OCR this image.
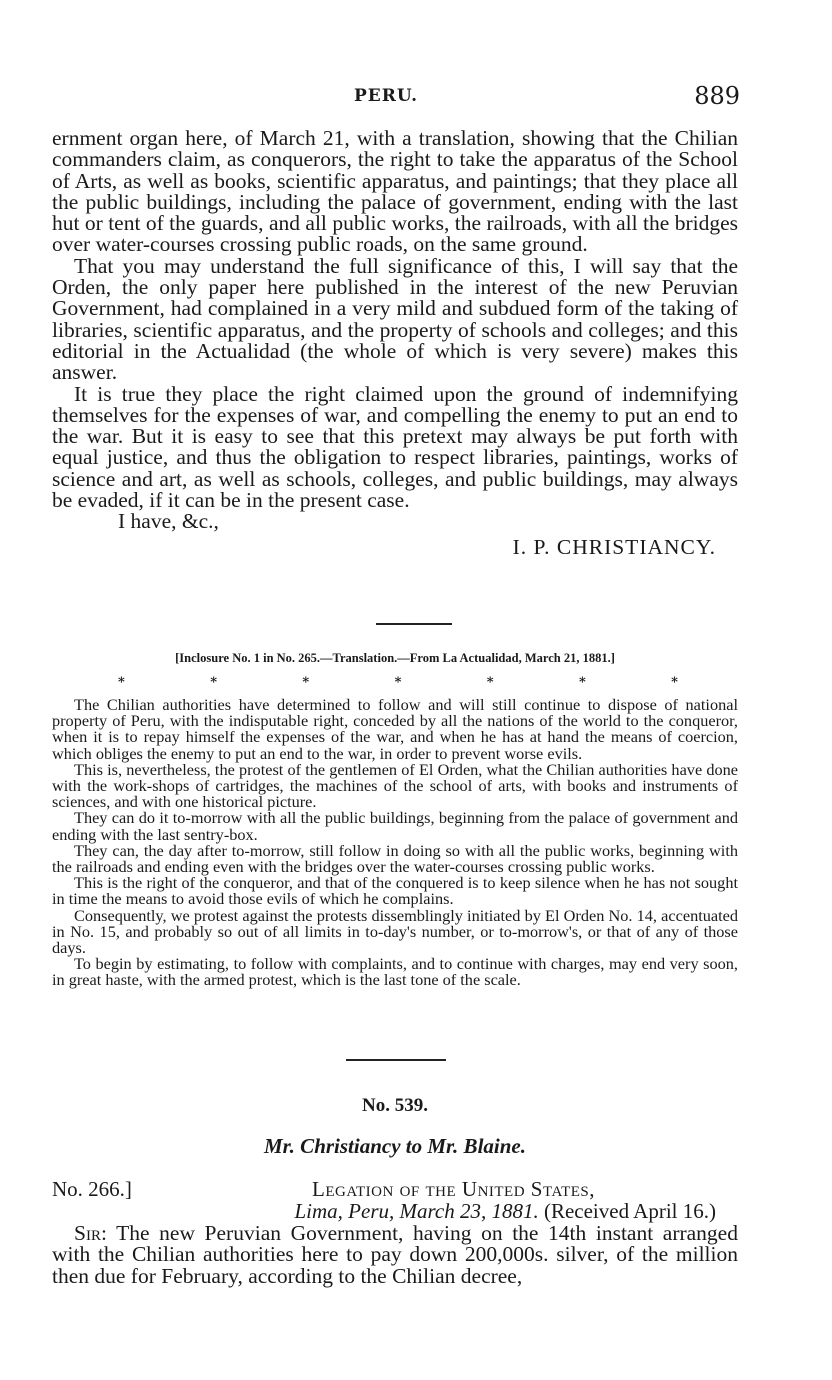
PERU.	889

ernment organ here, of March 21, with a translation, showing that the Chilian commanders claim, as conquerors, the right to take the apparatus of the School of Arts, as well as books, scientific apparatus, and paintings; that they place all the public buildings, including the palace of government, ending with the last hut or tent of the guards, and all public works, the railroads, with all the bridges over water-courses crossing public roads, on the same ground.

That you may understand the full significance of this, I will say that the Orden, the only paper here published in the interest of the new Peruvian Government, had complained in a very mild and subdued form of the taking of libraries, scientific apparatus, and the property of schools and colleges; and this editorial in the Actualidad (the whole of which is very severe) makes this answer.

It is true they place the right claimed upon the ground of indemnifying themselves for the expenses of war, and compelling the enemy to put an end to the war. But it is easy to see that this pretext may always be put forth with equal justice, and thus the obligation to respect libraries, paintings, works of science and art, as well as schools, colleges, and public buildings, may always be evaded, if it can be in the present case.

I have, &c.,

I. P. CHRISTIANCY.

[Inclosure No. 1 in No. 265.—Translation.—From La Actualidad, March 21, 1881.]
*	*	*	*	*	*	*

The Chilian authorities have determined to follow and will still continue to dispose of national property of Peru, with the indisputable right, conceded by all the nations of the world to the conqueror, when it is to repay himself the expenses of the war, and when he has at hand the means of coercion, which obliges the enemy to put an end to the war, in order to prevent worse evils.

This is, nevertheless, the protest of the gentlemen of El Orden, what the Chilian authorities have done with the work-shops of cartridges, the machines of the school of arts, with books and instruments of sciences, and with one historical picture.

They can do it to-morrow with all the public buildings, beginning from the palace of government and ending with the last sentry-box.

They can, the day after to-morrow, still follow in doing so with all the public works, beginning with the railroads and ending even with the bridges over the water-courses crossing public works.

This is the right of the conqueror, and that of the conquered is to keep silence when he has not sought in time the means to avoid those evils of which he complains.

Consequently, we protest against the protests dissemblingly initiated by El Orden No. 14, accentuated in No. 15, and probably so out of all limits in to-day's number, or to-morrow's, or that of any of those days.

To begin by estimating, to follow with complaints, and to continue with charges, may end very soon, in great haste, with the armed protest, which is the last tone of the scale.

No. 539.
Mr. Christiancy to Mr. Blaine.
No. 266.]	Legation of the United States,
Lima, Peru, March 23, 1881. (Received April 16.)

Sir: The new Peruvian Government, having on the 14th instant arranged with the Chilian authorities here to pay down 200,000s. silver, of the million then due for February, according to the Chilian decree,
